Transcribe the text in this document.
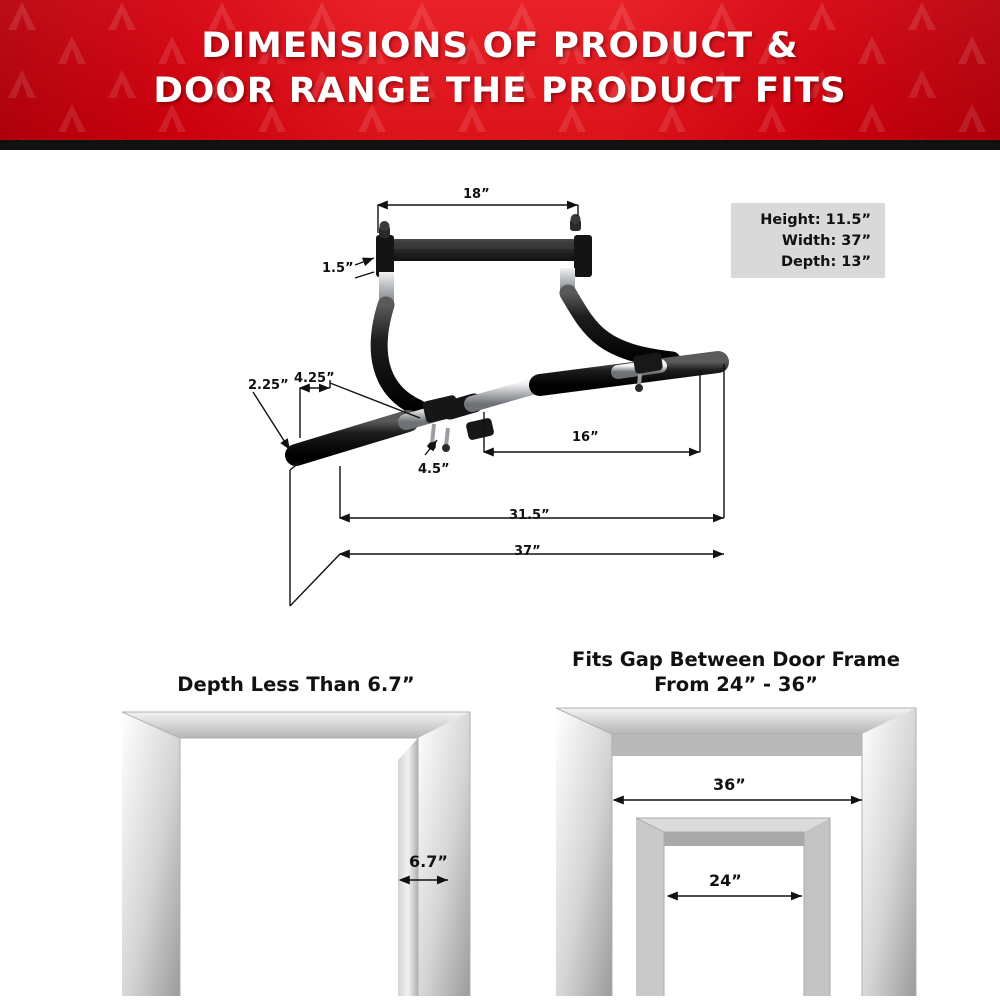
DIMENSIONS OF PRODUCT &
DOOR RANGE THE PRODUCT FITS
Height: 11.5”
Width: 37”
Depth: 13”
18”
1.5”
2.25” 4.25”
4.5”
16”
31.5”
37”
Depth Less Than 6.7”
Fits Gap Between Door Frame
From 24” - 36”
6.7”
36”
24”
